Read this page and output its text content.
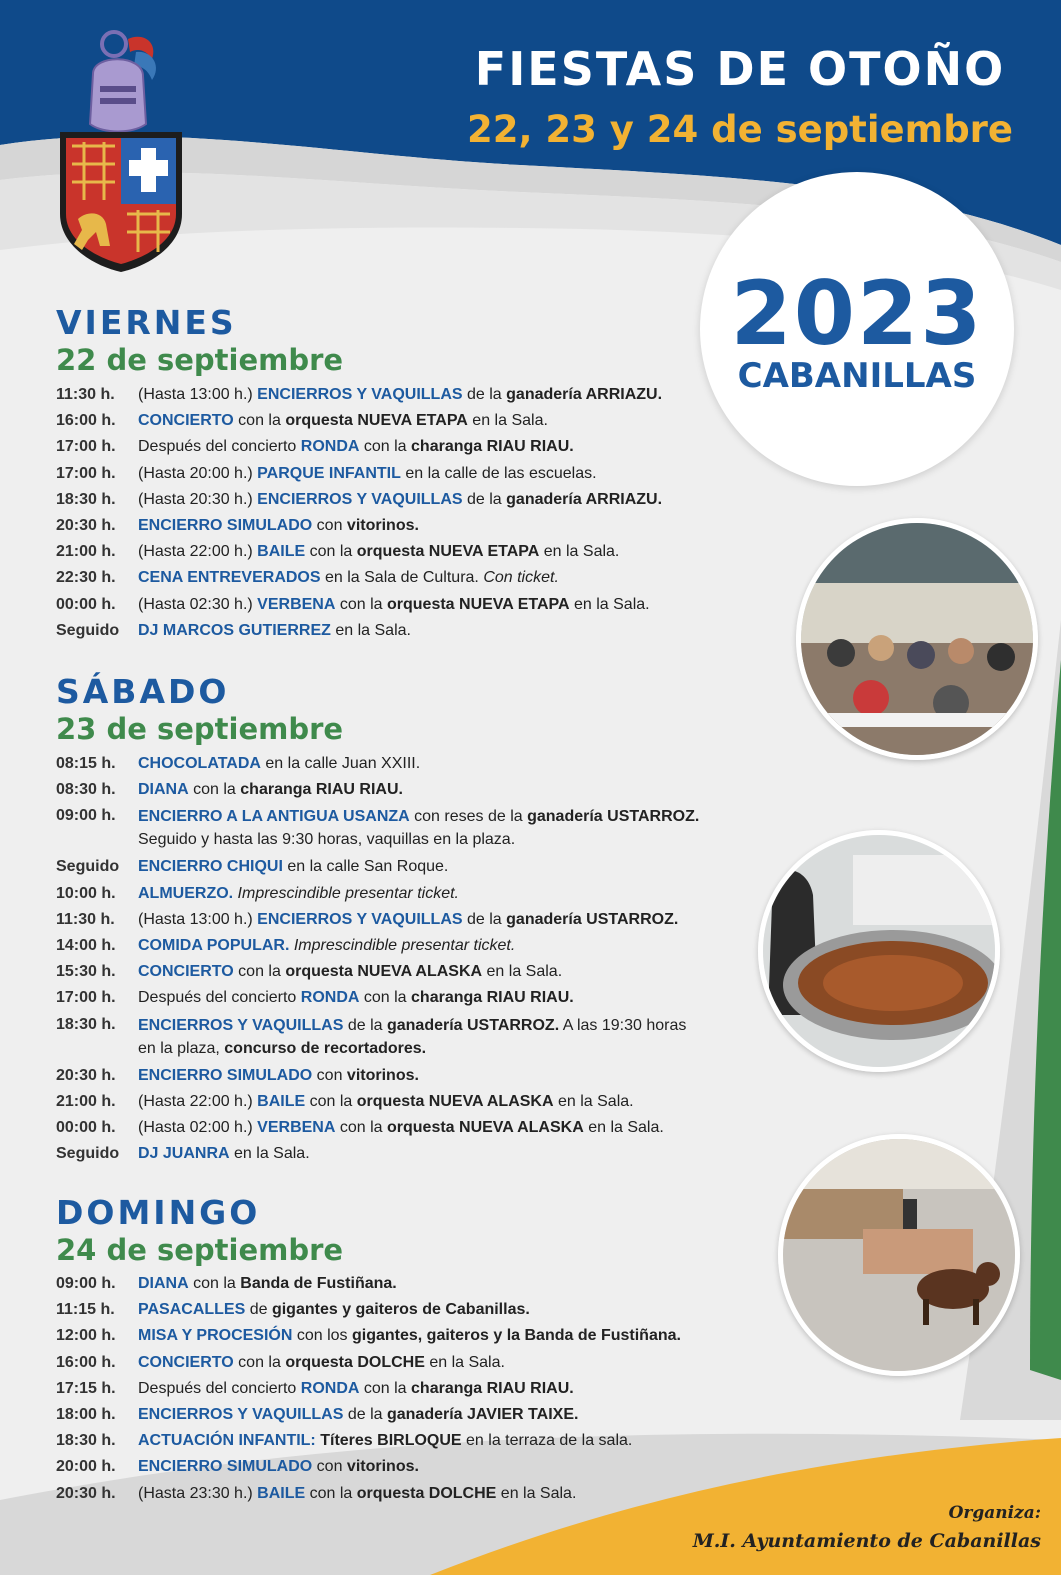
FIESTAS DE OTOÑO
22, 23 y 24 de septiembre
2023
CABANILLAS
VIERNES
22 de septiembre
11:30 h.	(Hasta 13:00 h.) ENCIERROS Y VAQUILLAS de la ganadería ARRIAZU.
16:00 h.	CONCIERTO con la orquesta NUEVA ETAPA en la Sala.
17:00 h.	Después del concierto RONDA con la charanga RIAU RIAU.
17:00 h.	(Hasta 20:00 h.) PARQUE INFANTIL en la calle de las escuelas.
18:30 h.	(Hasta 20:30 h.) ENCIERROS Y VAQUILLAS de la ganadería ARRIAZU.
20:30 h.	ENCIERRO SIMULADO con vitorinos.
21:00 h.	(Hasta 22:00 h.) BAILE con la orquesta NUEVA ETAPA en la Sala.
22:30 h.	CENA ENTREVERADOS en la Sala de Cultura. Con ticket.
00:00 h.	(Hasta 02:30 h.) VERBENA con la orquesta NUEVA ETAPA en la Sala.
Seguido	DJ MARCOS GUTIERREZ en la Sala.
SÁBADO
23 de septiembre
08:15 h.	CHOCOLATADA en la calle Juan XXIII.
08:30 h.	DIANA con la charanga RIAU RIAU.
09:00 h.	ENCIERRO A LA ANTIGUA USANZA con reses de la ganadería USTARROZ.
Seguido y hasta las 9:30 horas, vaquillas en la plaza.
Seguido	ENCIERRO CHIQUI en la calle San Roque.
10:00 h.	ALMUERZO. Imprescindible presentar ticket.
11:30 h.	(Hasta 13:00 h.) ENCIERROS Y VAQUILLAS de la ganadería USTARROZ.
14:00 h.	COMIDA POPULAR. Imprescindible presentar ticket.
15:30 h.	CONCIERTO con la orquesta NUEVA ALASKA en la Sala.
17:00 h.	Después del concierto RONDA con la charanga RIAU RIAU.
18:30 h.	ENCIERROS Y VAQUILLAS de la ganadería USTARROZ. A las 19:30 horas
en la plaza, concurso de recortadores.
20:30 h.	ENCIERRO SIMULADO con vitorinos.
21:00 h.	(Hasta 22:00 h.) BAILE con la orquesta NUEVA ALASKA en la Sala.
00:00 h.	(Hasta 02:00 h.) VERBENA con la orquesta NUEVA ALASKA en la Sala.
Seguido	DJ JUANRA en la Sala.
DOMINGO
24 de septiembre
09:00 h.	DIANA con la Banda de Fustiñana.
11:15 h.	PASACALLES de gigantes y gaiteros de Cabanillas.
12:00 h.	MISA Y PROCESIÓN con los gigantes, gaiteros y la Banda de Fustiñana.
16:00 h.	CONCIERTO con la orquesta DOLCHE en la Sala.
17:15 h.	Después del concierto RONDA con la charanga RIAU RIAU.
18:00 h.	ENCIERROS Y VAQUILLAS de la ganadería JAVIER TAIXE.
18:30 h.	ACTUACIÓN INFANTIL: Títeres BIRLOQUE en la terraza de la sala.
20:00 h.	ENCIERRO SIMULADO con vitorinos.
20:30 h.	(Hasta 23:30 h.) BAILE con la orquesta DOLCHE en la Sala.
Organiza:
M.I. Ayuntamiento de Cabanillas
